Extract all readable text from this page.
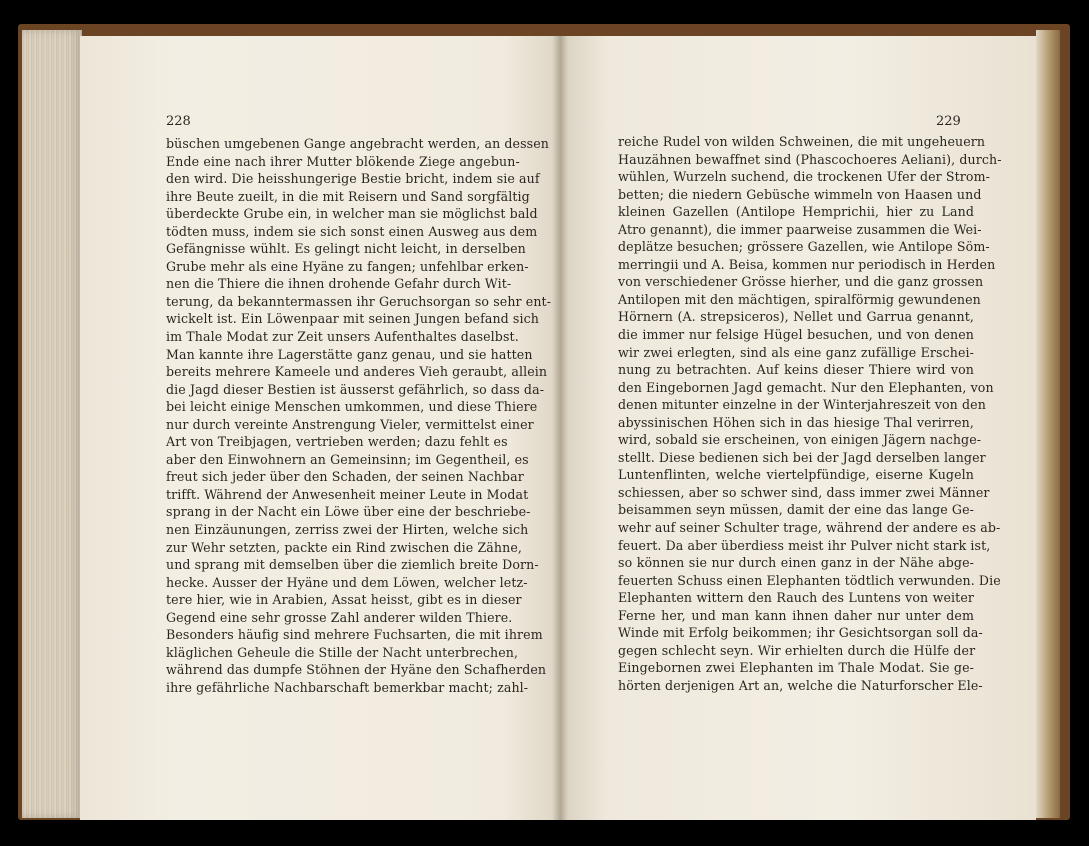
228
büschen umgebenen Gange angebracht werden, an dessen
Ende eine nach ihrer Mutter blökende Ziege angebun-
den wird. Die heisshungerige Bestie bricht, indem sie auf
ihre Beute zueilt, in die mit Reisern und Sand sorgfältig
überdeckte Grube ein, in welcher man sie möglichst bald
tödten muss, indem sie sich sonst einen Ausweg aus dem
Gefängnisse wühlt. Es gelingt nicht leicht, in derselben
Grube mehr als eine Hyäne zu fangen; unfehlbar erken-
nen die Thiere die ihnen drohende Gefahr durch Wit-
terung, da bekanntermassen ihr Geruchsorgan so sehr ent-
wickelt ist. Ein Löwenpaar mit seinen Jungen befand sich
im Thale Modat zur Zeit unsers Aufenthaltes daselbst.
Man kannte ihre Lagerstätte ganz genau, und sie hatten
bereits mehrere Kameele und anderes Vieh geraubt, allein
die Jagd dieser Bestien ist äusserst gefährlich, so dass da-
bei leicht einige Menschen umkommen, und diese Thiere
nur durch vereinte Anstrengung Vieler, vermittelst einer
Art von Treibjagen, vertrieben werden; dazu fehlt es
aber den Einwohnern an Gemeinsinn; im Gegentheil, es
freut sich jeder über den Schaden, der seinen Nachbar
trifft. Während der Anwesenheit meiner Leute in Modat
sprang in der Nacht ein Löwe über eine der beschriebe-
nen Einzäunungen, zerriss zwei der Hirten, welche sich
zur Wehr setzten, packte ein Rind zwischen die Zähne,
und sprang mit demselben über die ziemlich breite Dorn-
hecke. Ausser der Hyäne und dem Löwen, welcher letz-
tere hier, wie in Arabien, Assat heisst, gibt es in dieser
Gegend eine sehr grosse Zahl anderer wilden Thiere.
Besonders häufig sind mehrere Fuchsarten, die mit ihrem
kläglichen Geheule die Stille der Nacht unterbrechen,
während das dumpfe Stöhnen der Hyäne den Schafherden
ihre gefährliche Nachbarschaft bemerkbar macht; zahl-
229
reiche Rudel von wilden Schweinen, die mit ungeheuern
Hauzähnen bewaffnet sind (Phascochoeres Aeliani), durch-
wühlen, Wurzeln suchend, die trockenen Ufer der Strom-
betten; die niedern Gebüsche wimmeln von Haasen und
kleinen Gazellen (Antilope Hemprichii, hier zu Land
Atro genannt), die immer paarweise zusammen die Wei-
deplätze besuchen; grössere Gazellen, wie Antilope Söm-
merringii und A. Beisa, kommen nur periodisch in Herden
von verschiedener Grösse hierher, und die ganz grossen
Antilopen mit den mächtigen, spiralförmig gewundenen
Hörnern (A. strepsiceros), Nellet und Garrua genannt,
die immer nur felsige Hügel besuchen, und von denen
wir zwei erlegten, sind als eine ganz zufällige Erschei-
nung zu betrachten. Auf keins dieser Thiere wird von
den Eingebornen Jagd gemacht. Nur den Elephanten, von
denen mitunter einzelne in der Winterjahreszeit von den
abyssinischen Höhen sich in das hiesige Thal verirren,
wird, sobald sie erscheinen, von einigen Jägern nachge-
stellt. Diese bedienen sich bei der Jagd derselben langer
Luntenflinten, welche viertelpfündige, eiserne Kugeln
schiessen, aber so schwer sind, dass immer zwei Männer
beisammen seyn müssen, damit der eine das lange Ge-
wehr auf seiner Schulter trage, während der andere es ab-
feuert. Da aber überdiess meist ihr Pulver nicht stark ist,
so können sie nur durch einen ganz in der Nähe abge-
feuerten Schuss einen Elephanten tödtlich verwunden. Die
Elephanten wittern den Rauch des Luntens von weiter
Ferne her, und man kann ihnen daher nur unter dem
Winde mit Erfolg beikommen; ihr Gesichtsorgan soll da-
gegen schlecht seyn. Wir erhielten durch die Hülfe der
Eingebornen zwei Elephanten im Thale Modat. Sie ge-
hörten derjenigen Art an, welche die Naturforscher Ele-
